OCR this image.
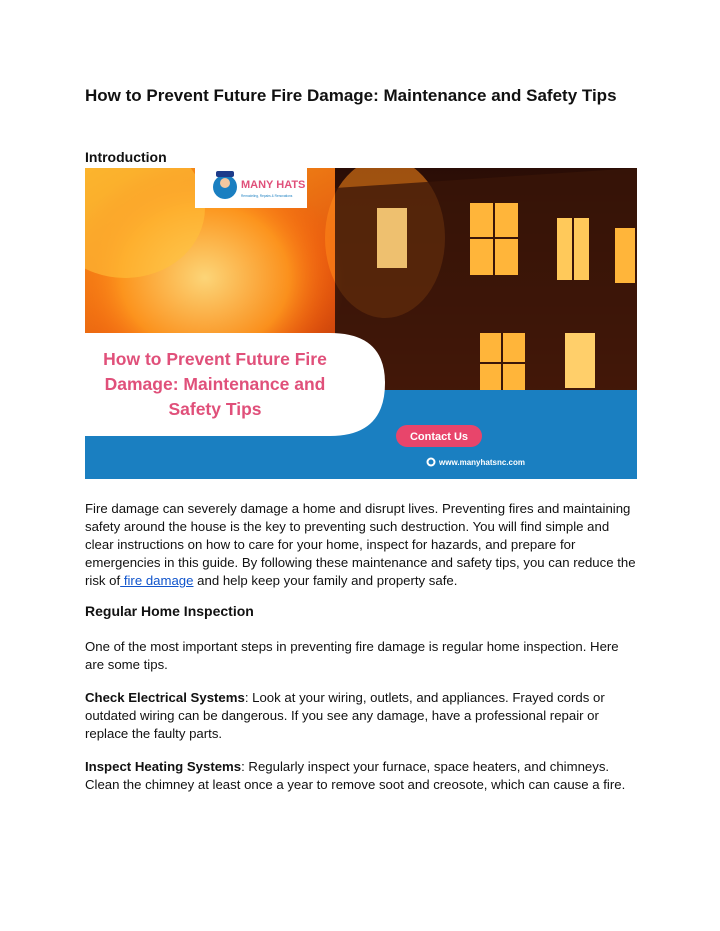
How to Prevent Future Fire Damage: Maintenance and Safety Tips
Introduction
MANY HATS
Remodeling, Repairs & Renovations
How to Prevent Future Fire
Damage: Maintenance and
Safety Tips
Contact Us
www.manyhatsnc.com

Fire damage can severely damage a home and disrupt lives. Preventing fires and maintaining safety around the house is the key to preventing such destruction. You will find simple and clear instructions on how to care for your home, inspect for hazards, and prepare for emergencies in this guide. By following these maintenance and safety tips, you can reduce the risk of fire damage and help keep your family and property safe.

Regular Home Inspection

One of the most important steps in preventing fire damage is regular home inspection. Here are some tips.

Check Electrical Systems: Look at your wiring, outlets, and appliances. Frayed cords or outdated wiring can be dangerous. If you see any damage, have a professional repair or replace the faulty parts.

Inspect Heating Systems: Regularly inspect your furnace, space heaters, and chimneys. Clean the chimney at least once a year to remove soot and creosote, which can cause a fire.
